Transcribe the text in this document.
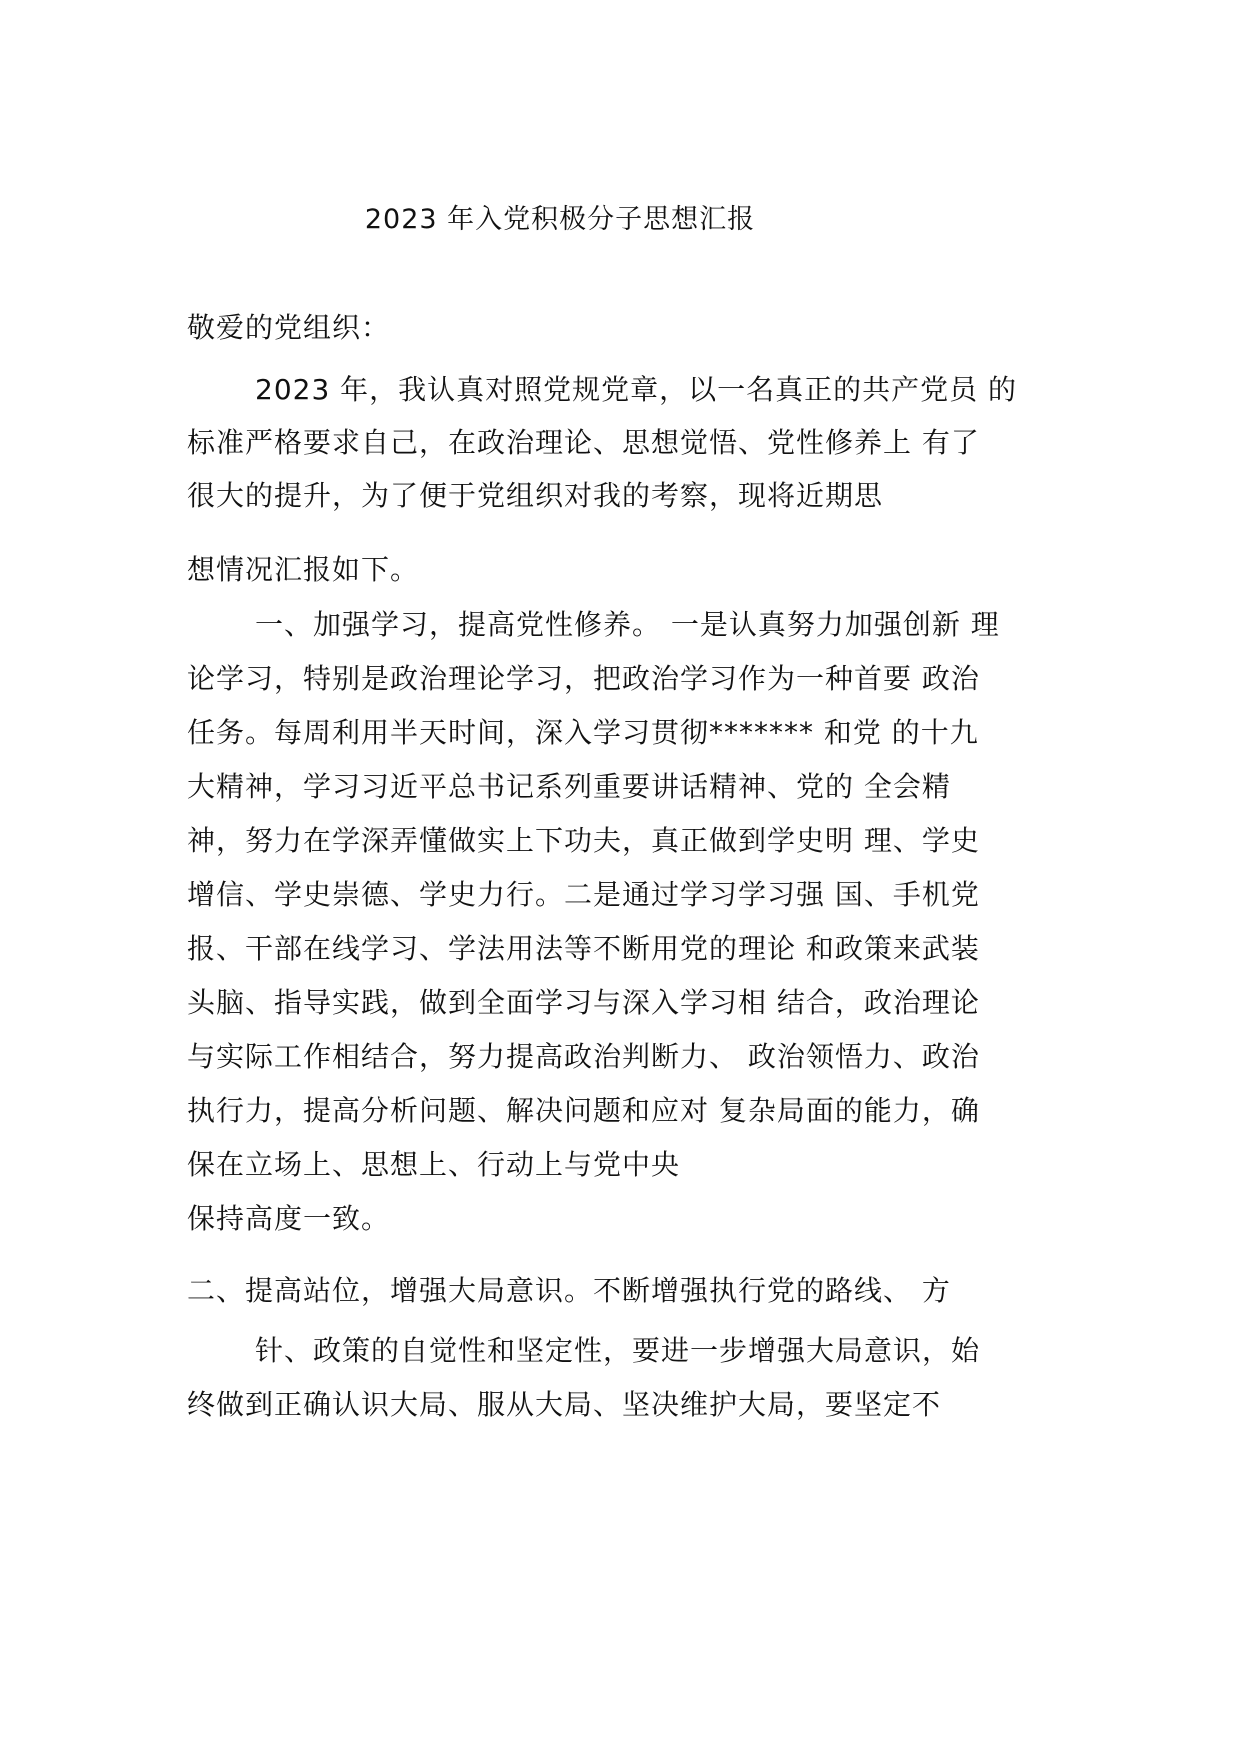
2023 年入党积极分子思想汇报
敬爱的党组织：
2023 年，我认真对照党规党章，以一名真正的共产党员 的
标准严格要求自己，在政治理论、思想觉悟、党性修养上 有了
很大的提升，为了便于党组织对我的考察，现将近期思
想情况汇报如下。
一、加强学习，提高党性修养。 一是认真努力加强创新 理
论学习，特别是政治理论学习，把政治学习作为一种首要 政治
任务。每周利用半天时间，深入学习贯彻******* 和党 的十九
大精神，学习习近平总书记系列重要讲话精神、党的 全会精
神，努力在学深弄懂做实上下功夫，真正做到学史明 理、学史
增信、学史崇德、学史力行。二是通过学习学习强 国、手机党
报、干部在线学习、学法用法等不断用党的理论 和政策来武装
头脑、指导实践，做到全面学习与深入学习相 结合，政治理论
与实际工作相结合，努力提高政治判断力、 政治领悟力、政治
执行力，提高分析问题、解决问题和应对 复杂局面的能力，确
保在立场上、思想上、行动上与党中央
保持高度一致。
二、提高站位，增强大局意识。不断增强执行党的路线、 方
针、政策的自觉性和坚定性，要进一步增强大局意识，始
终做到正确认识大局、服从大局、坚决维护大局，要坚定不
